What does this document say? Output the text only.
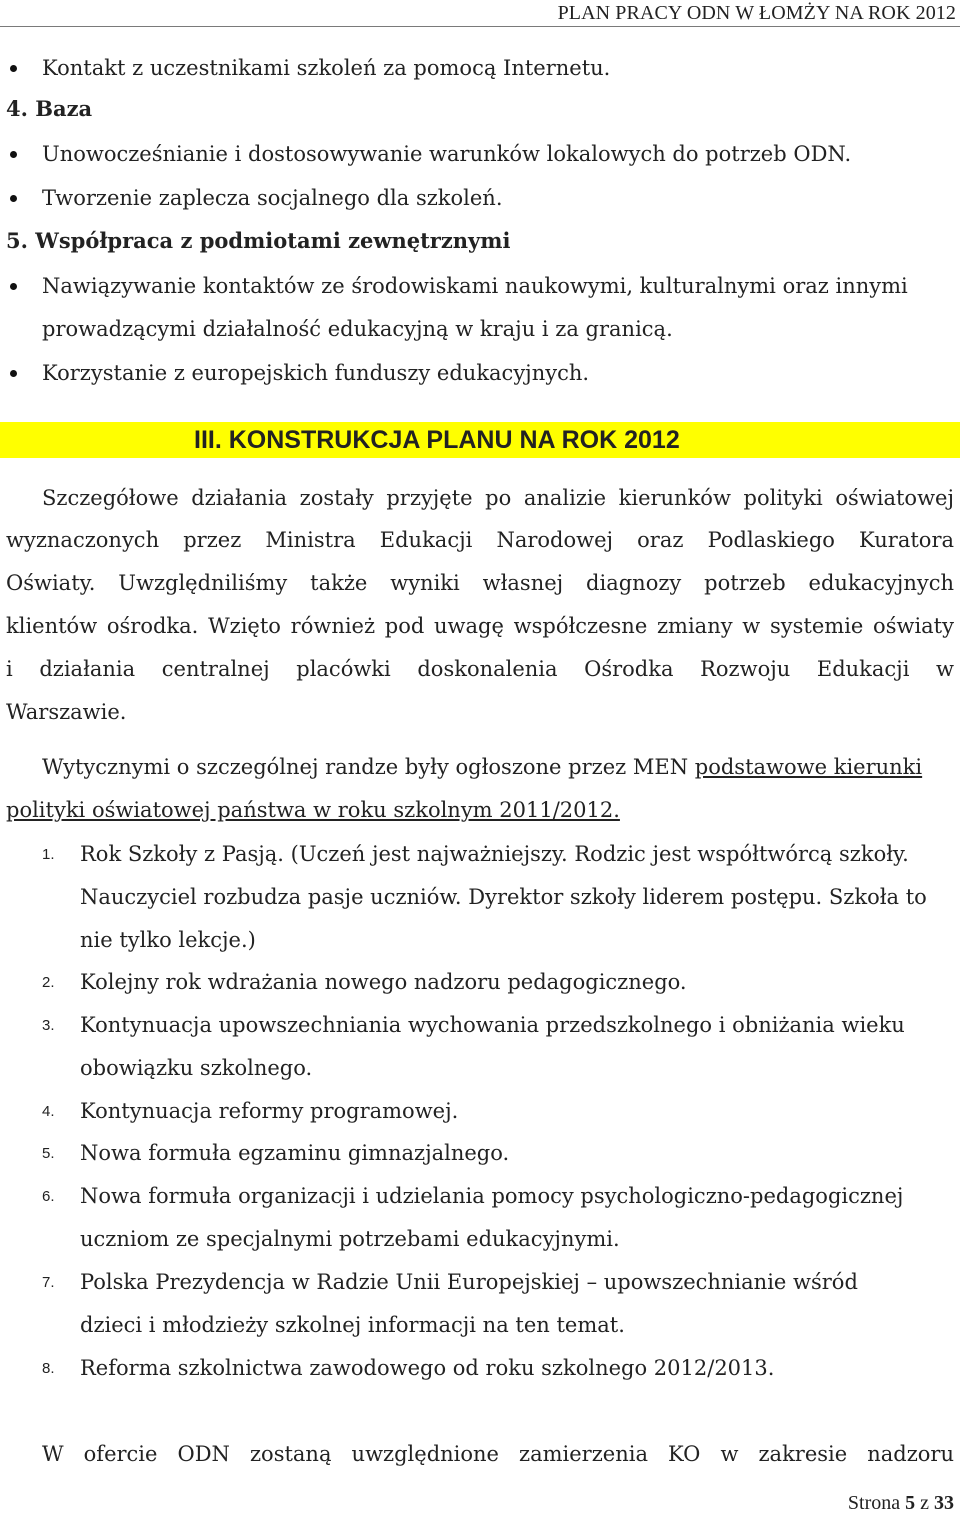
PLAN PRACY ODN W ŁOMŻY NA ROK 2012
Kontakt z uczestnikami szkoleń za pomocą Internetu.
4. Baza
Unowocześnianie i dostosowywanie warunków lokalowych do potrzeb ODN.
Tworzenie zaplecza socjalnego dla szkoleń.
5. Współpraca z podmiotami zewnętrznymi
Nawiązywanie kontaktów ze środowiskami naukowymi, kulturalnymi oraz innymi
prowadzącymi działalność edukacyjną w kraju i za granicą.
Korzystanie z europejskich funduszy edukacyjnych.
III. KONSTRUKCJA PLANU NA ROK 2012
Szczegółowe działania zostały przyjęte po analizie kierunków polityki oświatowej
wyznaczonych przez Ministra Edukacji Narodowej oraz Podlaskiego Kuratora
Oświaty. Uwzględniliśmy także wyniki własnej diagnozy potrzeb edukacyjnych
klientów ośrodka. Wzięto również pod uwagę współczesne zmiany w systemie oświaty
i działania centralnej placówki doskonalenia Ośrodka Rozwoju Edukacji w
Warszawie.
Wytycznymi o szczególnej randze były ogłoszone przez MEN podstawowe kierunki
polityki oświatowej państwa w roku szkolnym 2011/2012.
1. Rok Szkoły z Pasją. (Uczeń jest najważniejszy. Rodzic jest współtwórcą szkoły.
Nauczyciel rozbudza pasje uczniów. Dyrektor szkoły liderem postępu. Szkoła to
nie tylko lekcje.)
2. Kolejny rok wdrażania nowego nadzoru pedagogicznego.
3. Kontynuacja upowszechniania wychowania przedszkolnego i obniżania wieku
obowiązku szkolnego.
4. Kontynuacja reformy programowej.
5. Nowa formuła egzaminu gimnazjalnego.
6. Nowa formuła organizacji i udzielania pomocy psychologiczno-pedagogicznej
uczniom ze specjalnymi potrzebami edukacyjnymi.
7. Polska Prezydencja w Radzie Unii Europejskiej – upowszechnianie wśród
dzieci i młodzieży szkolnej informacji na ten temat.
8. Reforma szkolnictwa zawodowego od roku szkolnego 2012/2013.
W ofercie ODN zostaną uwzględnione zamierzenia KO w zakresie nadzoru
Strona 5 z 33
